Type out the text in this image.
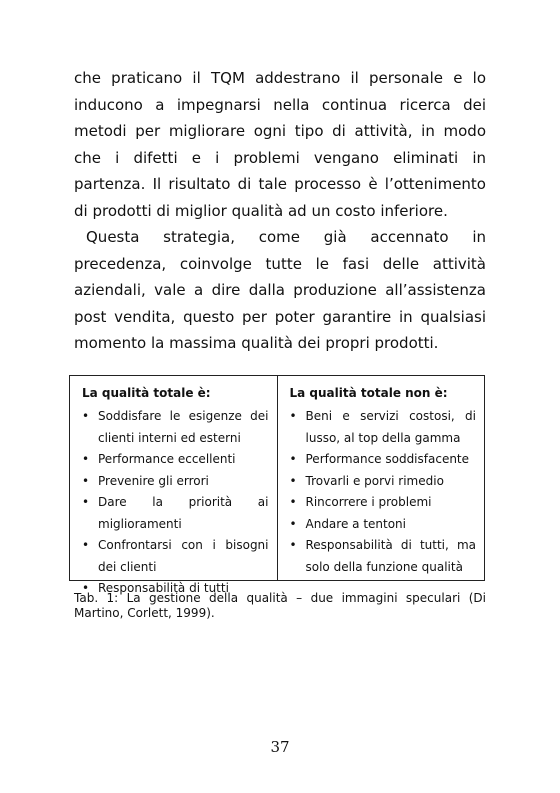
che praticano il TQM addestrano il personale e lo inducono a impegnarsi nella continua ricerca dei metodi per migliorare ogni tipo di attività, in modo che i difetti e i problemi vengano eliminati in partenza. Il risultato di tale processo è l’ottenimento di prodotti di miglior qualità ad un costo inferiore.

Questa strategia, come già accennato in precedenza, coinvolge tutte le fasi delle attività aziendali, vale a dire dalla produzione all’assistenza post vendita, questo per poter garantire in qualsiasi momento la massima qualità dei propri prodotti.

La qualità totale è:
• Soddisfare le esigenze dei clienti interni ed esterni
• Performance eccellenti
• Prevenire gli errori
• Dare la priorità ai miglioramenti
• Confrontarsi con i bisogni dei clienti
• Responsabilità di tutti
La qualità totale non è:
• Beni e servizi costosi, di lusso, al top della gamma
• Performance soddisfacente
• Trovarli e porvi rimedio
• Rincorrere i problemi
• Andare a tentoni
• Responsabilità di tutti, ma solo della funzione qualità

Tab. 1: La gestione della qualità – due immagini speculari (Di Martino, Corlett, 1999).

37
